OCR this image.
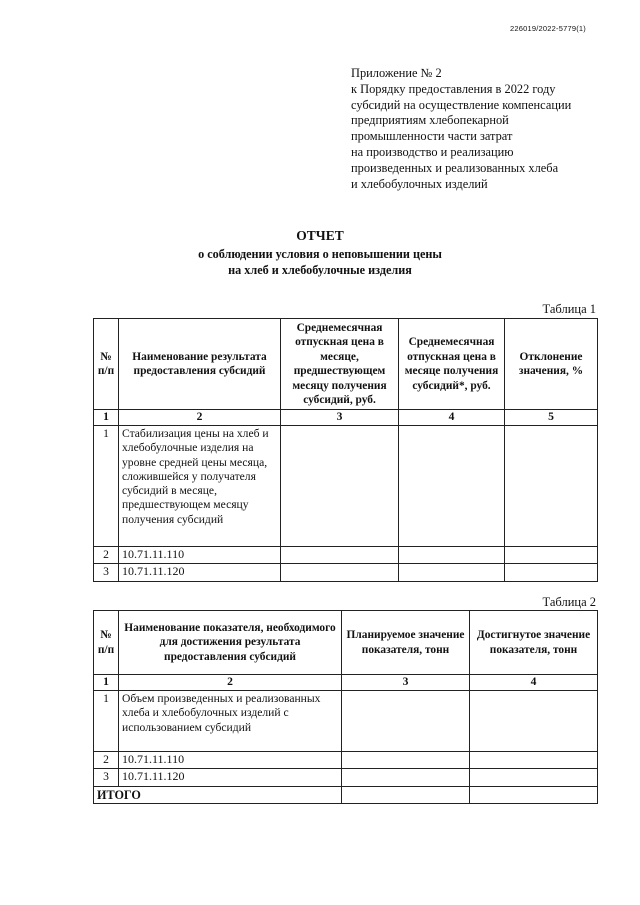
226019/2022-5779(1)
Приложение № 2
к Порядку предоставления в 2022 году
субсидий на осуществление компенсации
предприятиям хлебопекарной
промышленности части затрат
на производство и реализацию
произведенных и реализованных хлеба
и хлебобулочных изделий
ОТЧЕТ
о соблюдении условия о неповышении цены
на хлеб и хлебобулочные изделия
Таблица 1
№ п/п	Наименование результата предоставления субсидий	Среднемесячная отпускная цена в месяце, предшествующем месяцу получения субсидий, руб.	Среднемесячная отпускная цена в месяце получения субсидий*, руб.	Отклонение значения, %
1	2	3	4	5
1	Стабилизация цены на хлеб и хлебобулочные изделия на уровне средней цены месяца, сложившейся у получателя субсидий в месяце, предшествующем месяцу получения субсидий			
2	10.71.11.110			
3	10.71.11.120			
Таблица 2
№ п/п	Наименование показателя, необходимого для достижения результата предоставления субсидий	Планируемое значение показателя, тонн	Достигнутое значение показателя, тонн
1	2	3	4
1	Объем произведенных и реализованных хлеба и хлебобулочных изделий с использованием субсидий		
2	10.71.11.110		
3	10.71.11.120		
ИТОГО			
